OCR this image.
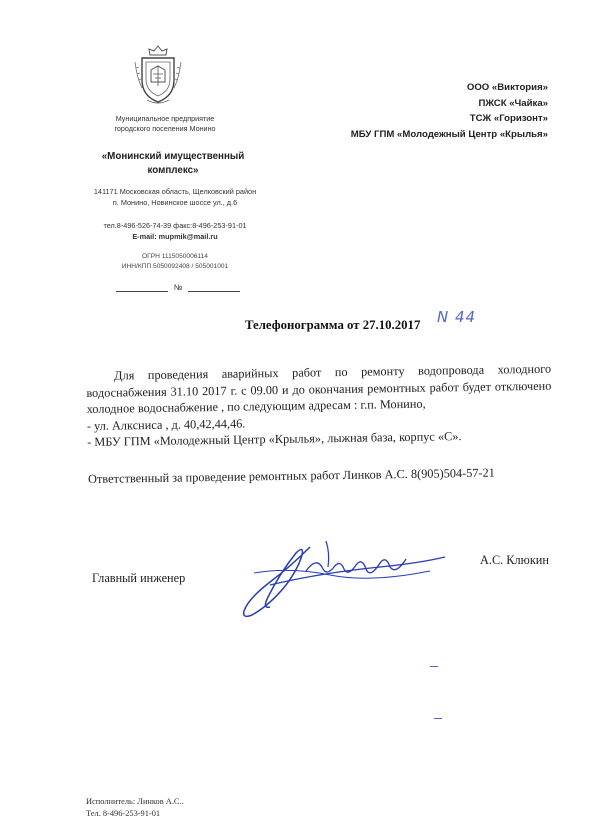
Муниципальное предприятие
городского поселения Монино
«Монинский имущественный
комплекс»
141171 Московская область, Щелковский район
п. Монино, Новинское шоссе ул., д.6
тел.8-496-526-74-39 факс:8-496-253-91-01
E-mail: mupmik@mail.ru
ОГРН 1115050006114
ИНН/КПП 5050092408 / 505001001
№
ООО «Виктория»
ПЖСК «Чайка»
ТСЖ «Горизонт»
МБУ ГПМ «Молодежный Центр «Крылья»
Телефонограмма от 27.10.2017 N 44

Для проведения аварийных работ по ремонту водопровода холодного водоснабжения 31.10 2017 г. с 09.00 и до окончания ремонтных работ будет отключено холодное водоснабжение , по следующим адресам : г.п. Монино,

- ул. Алксниса , д. 40,42,44,46.

- МБУ ГПМ «Молодежный Центр «Крылья», лыжная база, корпус «С».

Ответственный за проведение ремонтных работ Линков А.С. 8(905)504-57-21
Главный инженер
А.С. Клюкин
Исполнитель: Линков А.С..
Тел. 8-496-253-91-01
